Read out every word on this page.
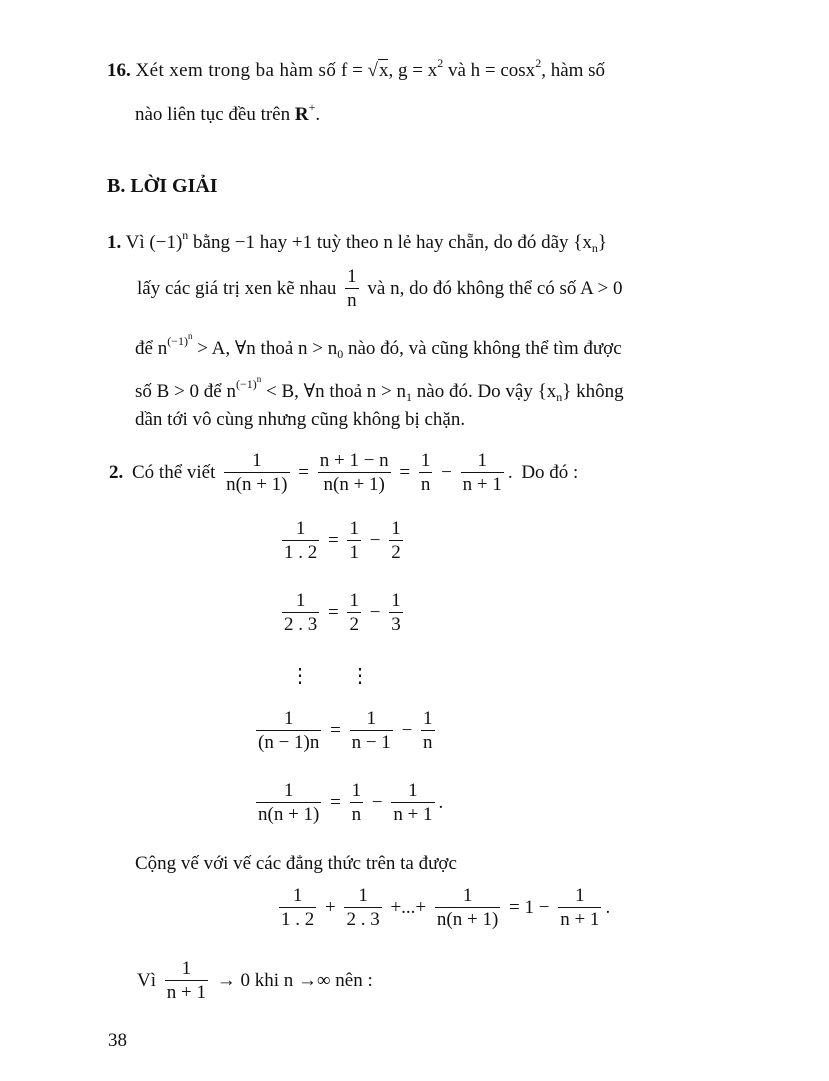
16. Xét xem trong ba hàm số f = √x, $g = x^2$ và h = cosx$^2$, hàm số
nào liên tục đều trên R+.
B. LỜI GIẢI
1. Vì $(-1)^n$ bằng −1 hay +1 tuỳ theo n lẻ hay chẵn, do đó dãy $\{x_n\}$
lấy các giá trị xen kẽ nhau $\frac{1}{n}$ và n, do đó không thể có số A > 0
để $n^{(-1)n} > A$, ∀n thoả $n > n_0$ nào đó, và cũng không thể tìm được
số B > 0 để $n^{(-1)n} < B$, ∀n thoả $n > n_1$ nào đó. Do vậy $\{x_n\}$ không
dần tới vô cùng nhưng cũng không bị chặn.
2. Có thể viết $\frac{1}{n(n + 1)} = \frac{n + 1 - n}{n(n + 1)} = \frac{1}{n} - \frac{1}{n + 1}$ . Do đó :
$\frac{1}{1 . 2} = \frac{1}{1} - \frac{1}{2}$
$\frac{1}{2 . 3} = \frac{1}{2} - \frac{1}{3}$
⋮ ⋮
$\frac{1}{(n - 1)n} = \frac{1}{n - 1} - \frac{1}{n}$
$\frac{1}{n(n + 1)} = \frac{1}{n} - \frac{1}{n + 1}$ .
Cộng vế với vế các đẳng thức trên ta được
$\frac{1}{1 . 2} + \frac{1}{2 . 3}$ +...+ $\frac{1}{n(n + 1)} = 1 - \frac{1}{n + 1}$ .
Vì $\frac{1}{n + 1} \to 0$ khi n →∞ nên :
38
